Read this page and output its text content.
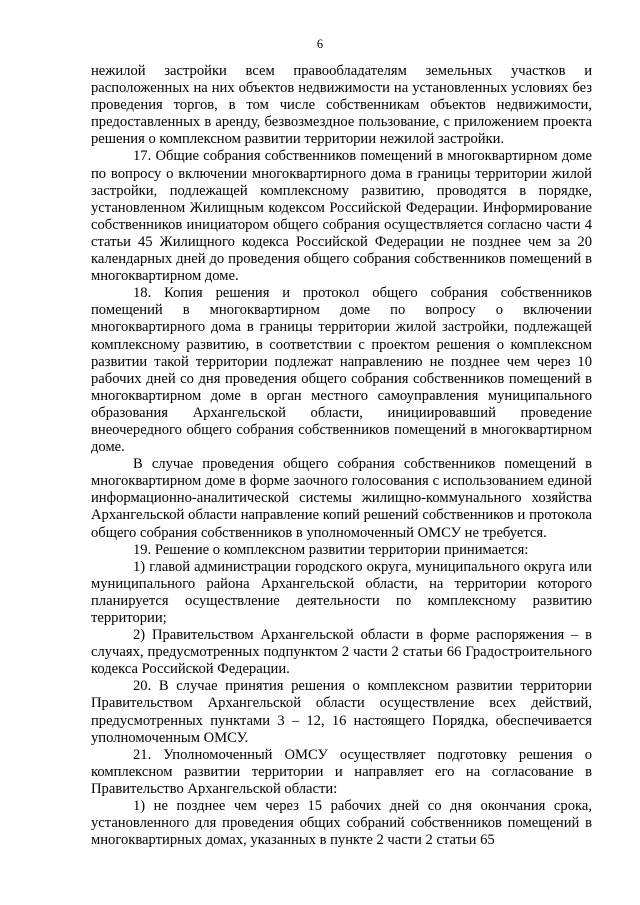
6

нежилой застройки всем правообладателям земельных участков и расположенных на них объектов недвижимости на установленных условиях без проведения торгов, в том числе собственникам объектов недвижимости, предоставленных в аренду, безвозмездное пользование, с приложением проекта решения о комплексном развитии территории нежилой застройки.

17. Общие собрания собственников помещений в многоквартирном доме по вопросу о включении многоквартирного дома в границы территории жилой застройки, подлежащей комплексному развитию, проводятся в порядке, установленном Жилищным кодексом Российской Федерации. Информирование собственников инициатором общего собрания осуществляется согласно части 4 статьи 45 Жилищного кодекса Российской Федерации не позднее чем за 20 календарных дней до проведения общего собрания собственников помещений в многоквартирном доме.

18. Копия решения и протокол общего собрания собственников помещений в многоквартирном доме по вопросу о включении многоквартирного дома в границы территории жилой застройки, подлежащей комплексному развитию, в соответствии с проектом решения о комплексном развитии такой территории подлежат направлению не позднее чем через 10 рабочих дней со дня проведения общего собрания собственников помещений в многоквартирном доме в орган местного самоуправления муниципального образования Архангельской области, инициировавший проведение внеочередного общего собрания собственников помещений в многоквартирном доме.

В случае проведения общего собрания собственников помещений в многоквартирном доме в форме заочного голосования с использованием единой информационно-аналитической системы жилищно-коммунального хозяйства Архангельской области направление копий решений собственников и протокола общего собрания собственников в уполномоченный ОМСУ не требуется.

19. Решение о комплексном развитии территории принимается:

1) главой администрации городского округа, муниципального округа или муниципального района Архангельской области, на территории которого планируется осуществление деятельности по комплексному развитию территории;

2) Правительством Архангельской области в форме распоряжения – в случаях, предусмотренных подпунктом 2 части 2 статьи 66 Градостроительного кодекса Российской Федерации.

20. В случае принятия решения о комплексном развитии территории Правительством Архангельской области осуществление всех действий, предусмотренных пунктами 3 – 12, 16 настоящего Порядка, обеспечивается уполномоченным ОМСУ.

21. Уполномоченный ОМСУ осуществляет подготовку решения о комплексном развитии территории и направляет его на согласование в Правительство Архангельской области:

1) не позднее чем через 15 рабочих дней со дня окончания срока, установленного для проведения общих собраний собственников помещений в многоквартирных домах, указанных в пункте 2 части 2 статьи 65
